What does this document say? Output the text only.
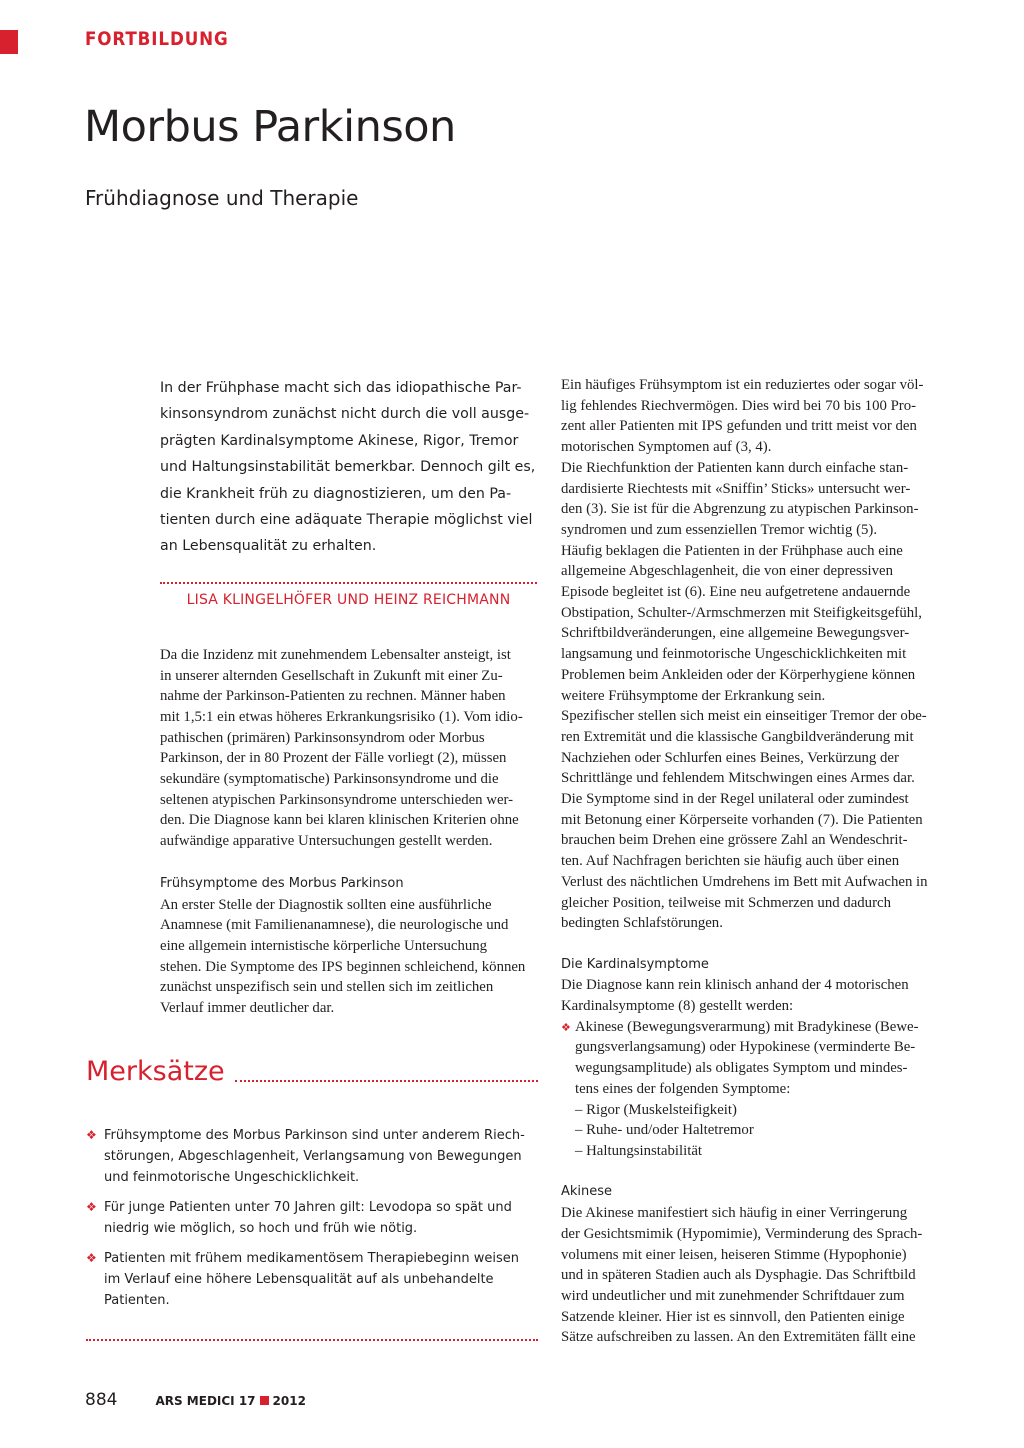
FORTBILDUNG
Morbus Parkinson
Frühdiagnose und Therapie

In der Frühphase macht sich das idiopathische Par-

kinsonsyndrom zunächst nicht durch die voll ausge-

prägten Kardinalsymptome Akinese, Rigor, Tremor

und Haltungsinstabilität bemerkbar. Dennoch gilt es,

die Krankheit früh zu diagnostizieren, um den Pa-

tienten durch eine adäquate Therapie möglichst viel

an Lebensqualität zu erhalten.

LISA KLINGELHÖFER UND HEINZ REICHMANN

Da die Inzidenz mit zunehmendem Lebensalter ansteigt, ist

in unserer alternden Gesellschaft in Zukunft mit einer Zu-

nahme der Parkinson-Patienten zu rechnen. Männer haben

mit 1,5:1 ein etwas höheres Erkrankungsrisiko (1). Vom idio-

pathischen (primären) Parkinsonsyndrom oder Morbus

Parkinson, der in 80 Prozent der Fälle vorliegt (2), müssen

sekundäre (symptomatische) Parkinsonsyndrome und die

seltenen atypischen Parkinsonsyndrome unterschieden wer-

den. Die Diagnose kann bei klaren klinischen Kriterien ohne

aufwändige apparative Untersuchungen gestellt werden.

Frühsymptome des Morbus Parkinson

An erster Stelle der Diagnostik sollten eine ausführliche

Anamnese (mit Familienanamnese), die neurologische und

eine allgemein internistische körperliche Untersuchung

stehen. Die Symptome des IPS beginnen schleichend, können

zunächst unspezifisch sein und stellen sich im zeitlichen

Verlauf immer deutlicher dar.

Merksätze
❖ Frühsymptome des Morbus Parkinson sind unter anderem Riech-störungen, Abgeschlagenheit, Verlangsamung von Bewegungen und feinmotorische Ungeschicklichkeit.
❖ Für junge Patienten unter 70 Jahren gilt: Levodopa so spät und niedrig wie möglich, so hoch und früh wie nötig.
❖ Patienten mit frühem medikamentösem Therapiebeginn weisen im Verlauf eine höhere Lebensqualität auf als unbehandelte Patienten.

Ein häufiges Frühsymptom ist ein reduziertes oder sogar völ-

lig fehlendes Riechvermögen. Dies wird bei 70 bis 100 Pro-

zent aller Patienten mit IPS gefunden und tritt meist vor den

motorischen Symptomen auf (3, 4).

Die Riechfunktion der Patienten kann durch einfache stan-

dardisierte Riechtests mit «Sniffin’ Sticks» untersucht wer-

den (3). Sie ist für die Abgrenzung zu atypischen Parkinson-

syndromen und zum essenziellen Tremor wichtig (5).

Häufig beklagen die Patienten in der Frühphase auch eine

allgemeine Abgeschlagenheit, die von einer depressiven

Episode begleitet ist (6). Eine neu aufgetretene andauernde

Obstipation, Schulter-/Armschmerzen mit Steifigkeitsgefühl,

Schriftbildveränderungen, eine allgemeine Bewegungsver-

langsamung und feinmotorische Ungeschicklichkeiten mit

Problemen beim Ankleiden oder der Körperhygiene können

weitere Frühsymptome der Erkrankung sein.

Spezifischer stellen sich meist ein einseitiger Tremor der obe-

ren Extremität und die klassische Gangbildveränderung mit

Nachziehen oder Schlurfen eines Beines, Verkürzung der

Schrittlänge und fehlendem Mitschwingen eines Armes dar.

Die Symptome sind in der Regel unilateral oder zumindest

mit Betonung einer Körperseite vorhanden (7). Die Patienten

brauchen beim Drehen eine grössere Zahl an Wendeschrit-

ten. Auf Nachfragen berichten sie häufig auch über einen

Verlust des nächtlichen Umdrehens im Bett mit Aufwachen in

gleicher Position, teilweise mit Schmerzen und dadurch

bedingten Schlafstörungen.

Die Kardinalsymptome

Die Diagnose kann rein klinisch anhand der 4 motorischen

Kardinalsymptome (8) gestellt werden:

❖ Akinese (Bewegungsverarmung) mit Bradykinese (Bewe-
gungsverlangsamung) oder Hypokinese (verminderte Be-
wegungsamplitude) als obligates Symptom und mindes-
tens eines der folgenden Symptome:
– Rigor (Muskelsteifigkeit)
– Ruhe- und/oder Haltetremor
– Haltungsinstabilität
Akinese

Die Akinese manifestiert sich häufig in einer Verringerung

der Gesichtsmimik (Hypomimie), Verminderung des Sprach-

volumens mit einer leisen, heiseren Stimme (Hypophonie)

und in späteren Stadien auch als Dysphagie. Das Schriftbild

wird undeutlicher und mit zunehmender Schriftdauer zum

Satzende kleiner. Hier ist es sinnvoll, den Patienten einige

Sätze aufschreiben zu lassen. An den Extremitäten fällt eine

884	ARS MEDICI 17 2012
